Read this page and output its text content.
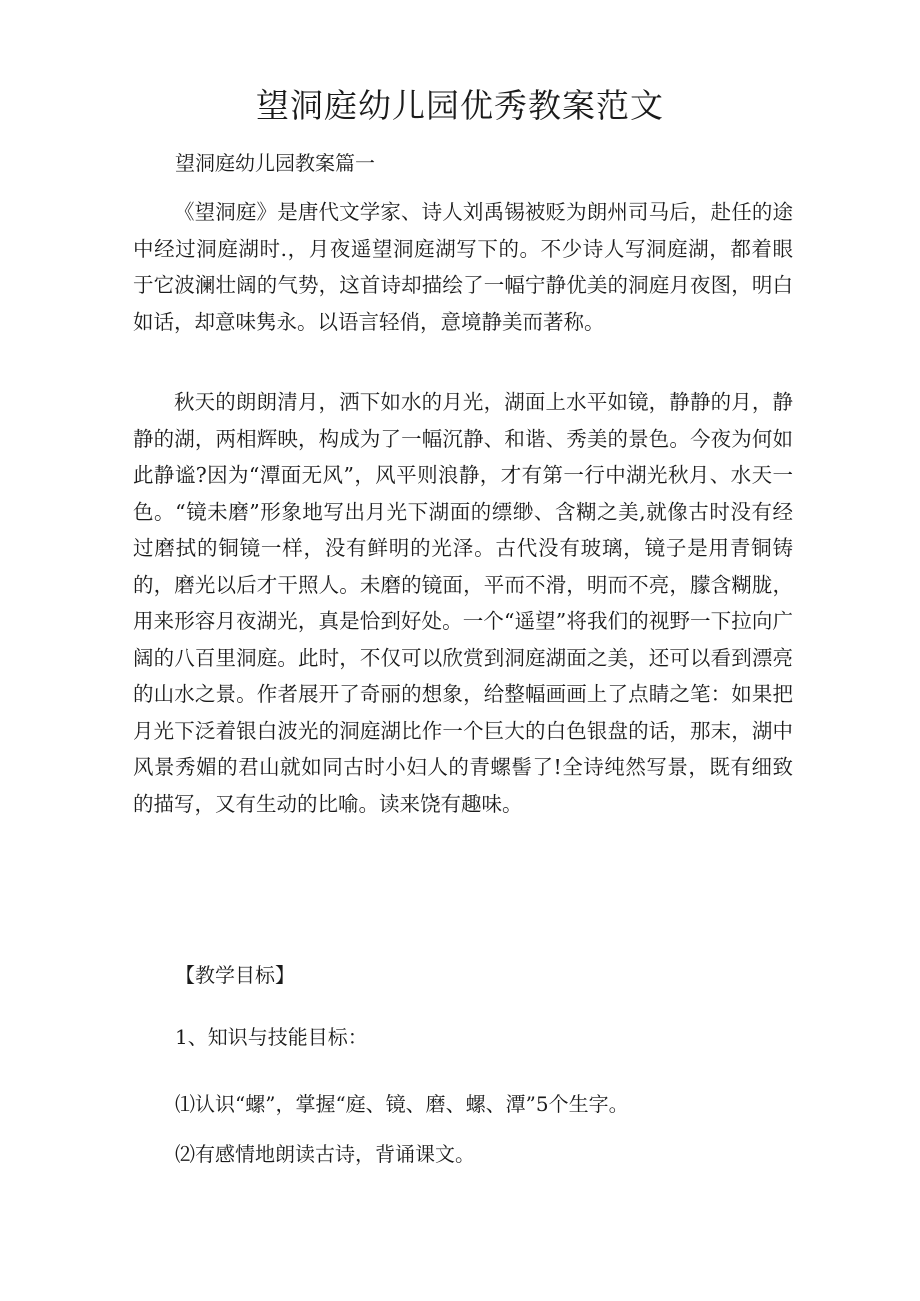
望洞庭幼儿园优秀教案范文

望洞庭幼儿园教案篇一

《望洞庭》是唐代文学家、诗人刘禹锡被贬为朗州司马后，赴任的途中经过洞庭湖时.，月夜遥望洞庭湖写下的。不少诗人写洞庭湖，都着眼于它波澜壮阔的气势，这首诗却描绘了一幅宁静优美的洞庭月夜图，明白如话，却意味隽永。以语言轻俏，意境静美而著称。

秋天的朗朗清月，洒下如水的月光，湖面上水平如镜，静静的月，静静的湖，两相辉映，构成为了一幅沉静、和谐、秀美的景色。今夜为何如此静谧?因为“潭面无风”，风平则浪静，才有第一行中湖光秋月、水天一色。“镜未磨”形象地写出月光下湖面的缥缈、含糊之美,就像古时没有经过磨拭的铜镜一样，没有鲜明的光泽。古代没有玻璃，镜子是用青铜铸的，磨光以后才干照人。未磨的镜面，平而不滑，明而不亮，朦含糊胧，用来形容月夜湖光，真是恰到好处。一个“遥望”将我们的视野一下拉向广阔的八百里洞庭。此时，不仅可以欣赏到洞庭湖面之美，还可以看到漂亮的山水之景。作者展开了奇丽的想象，给整幅画画上了点睛之笔：如果把月光下泛着银白波光的洞庭湖比作一个巨大的白色银盘的话，那末，湖中风景秀媚的君山就如同古时小妇人的青螺髻了!全诗纯然写景，既有细致的描写，又有生动的比喻。读来饶有趣味。

【教学目标】

1、知识与技能目标：

⑴认识“螺”，掌握“庭、镜、磨、螺、潭”5个生字。

⑵有感情地朗读古诗，背诵课文。
